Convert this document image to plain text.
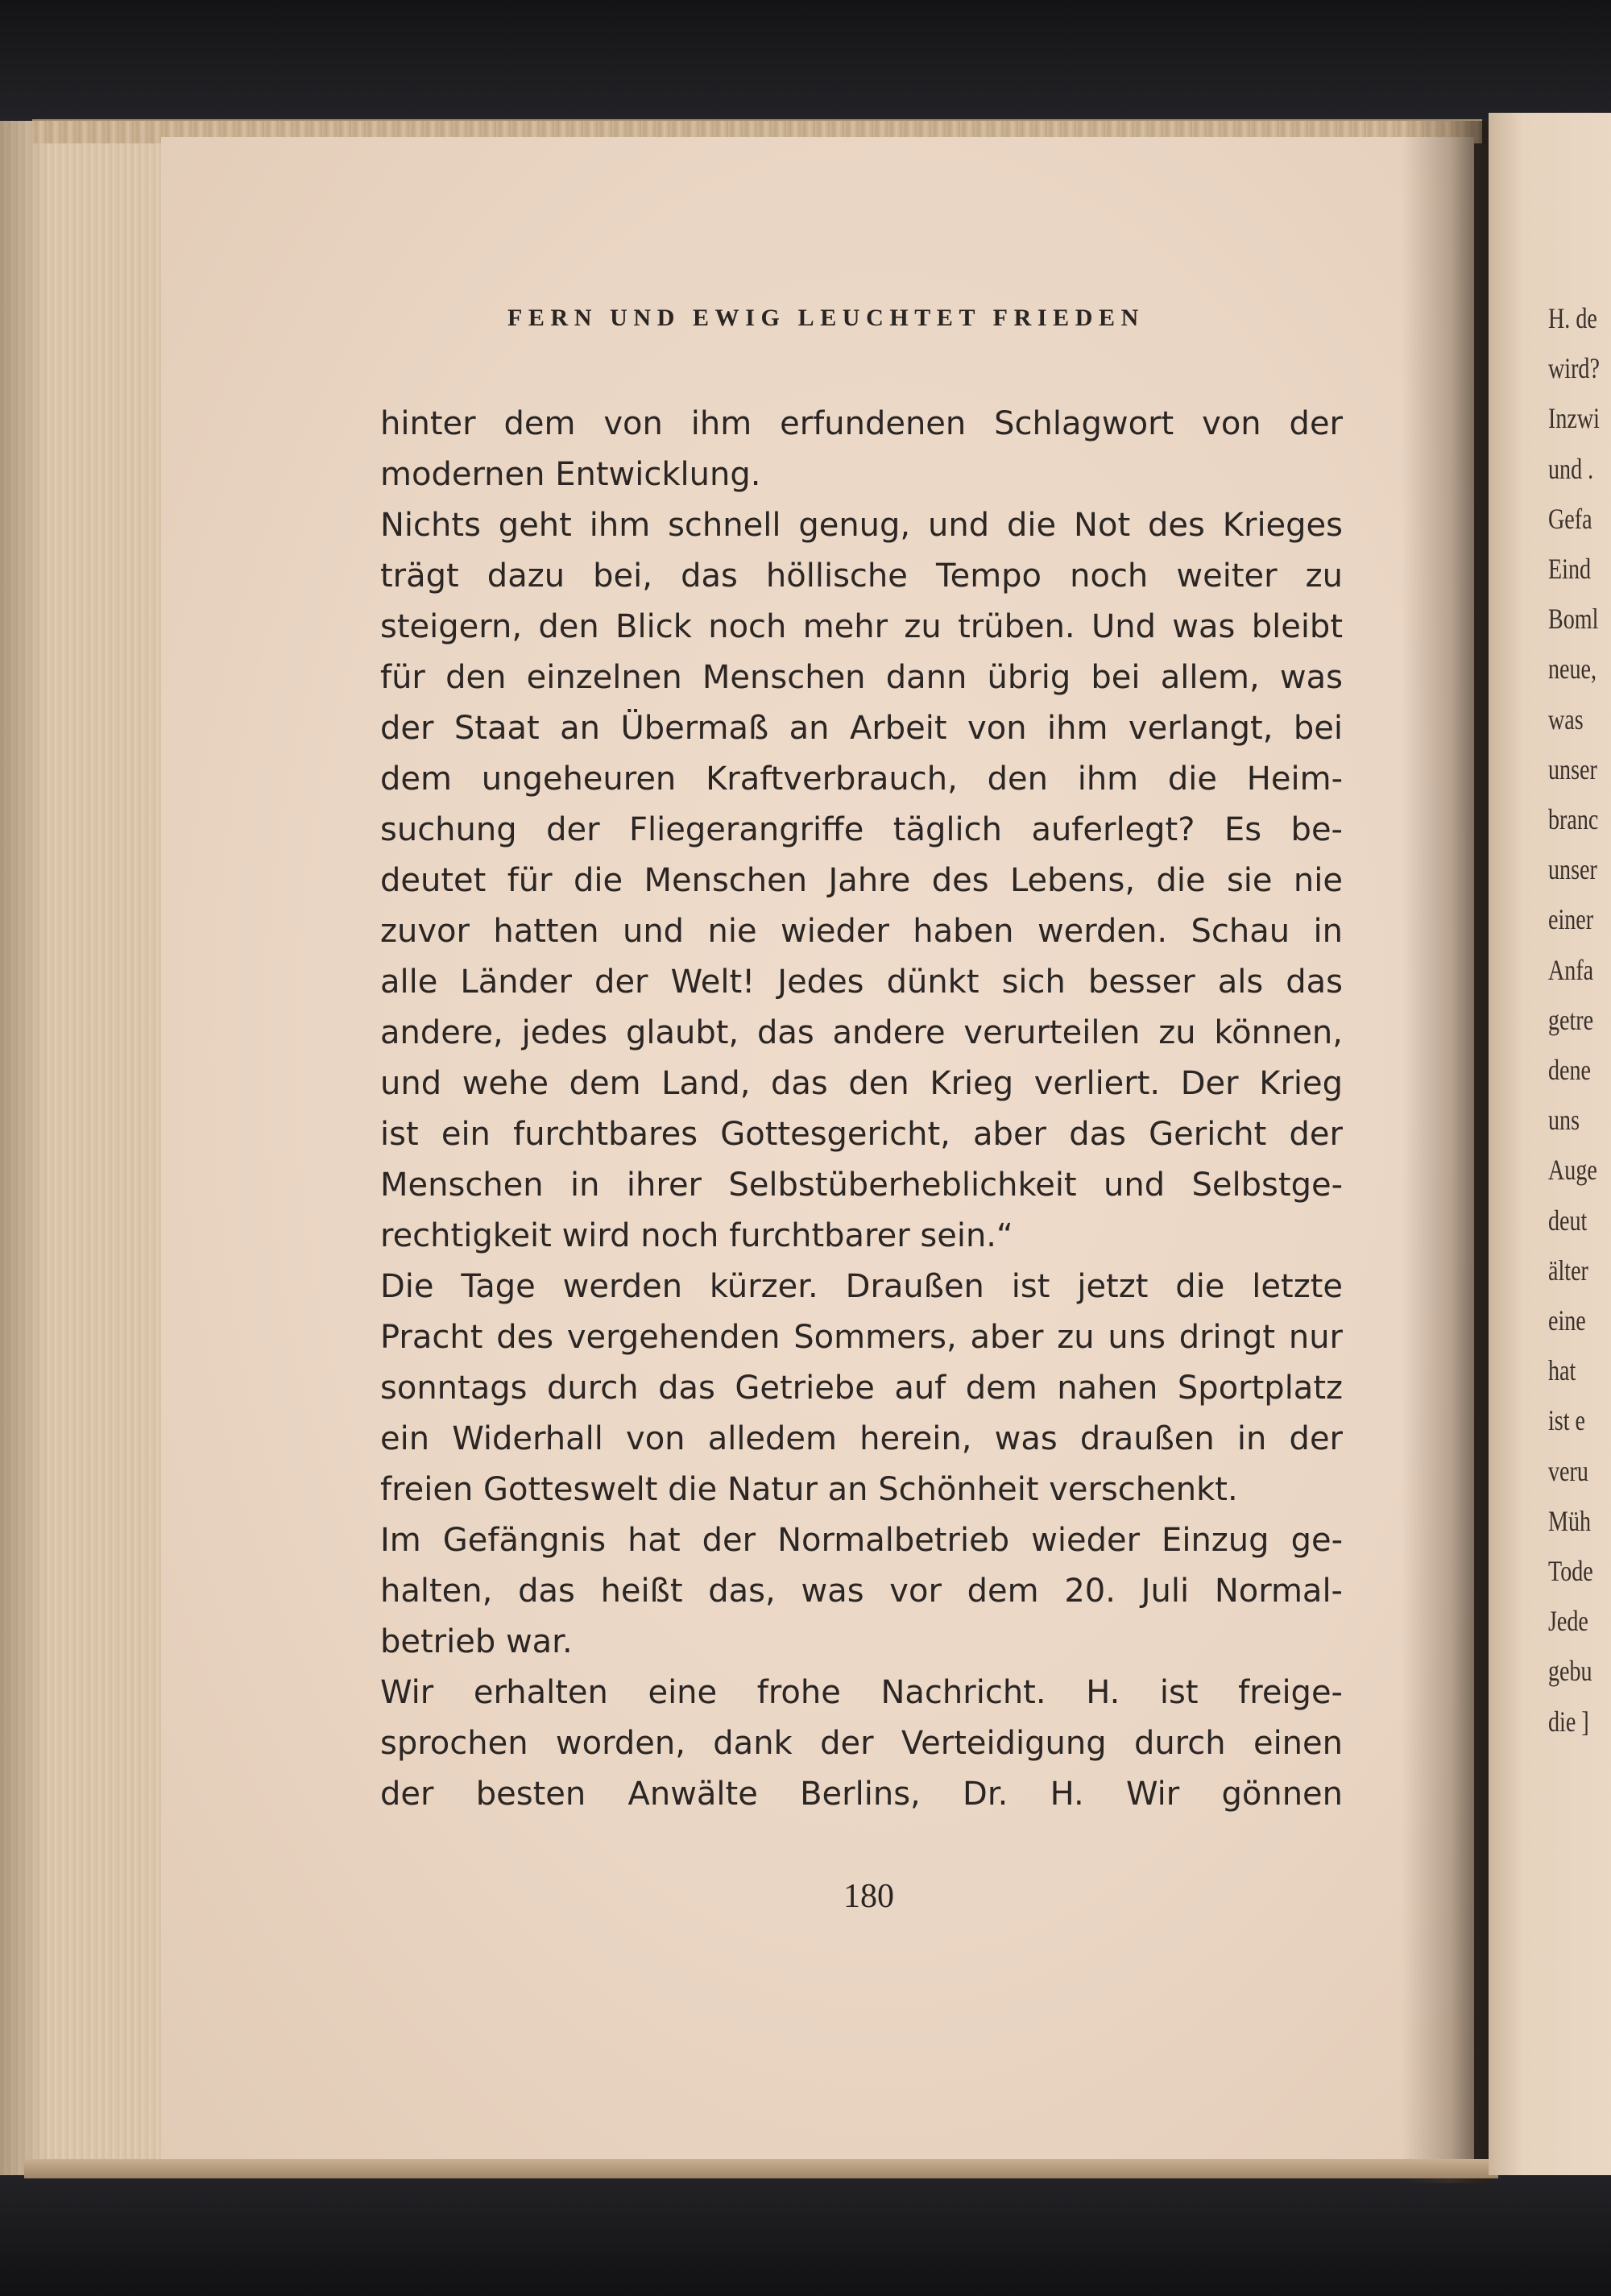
FERN UND EWIG LEUCHTET FRIEDEN
hinter dem von ihm erfundenen Schlagwort von der
modernen Entwicklung.
Nichts geht ihm schnell genug, und die Not des Krieges
trägt dazu bei, das höllische Tempo noch weiter zu
steigern, den Blick noch mehr zu trüben. Und was bleibt
für den einzelnen Menschen dann übrig bei allem, was
der Staat an Übermaß an Arbeit von ihm verlangt, bei
dem ungeheuren Kraftverbrauch, den ihm die Heim-
suchung der Fliegerangriffe täglich auferlegt? Es be-
deutet für die Menschen Jahre des Lebens, die sie nie
zuvor hatten und nie wieder haben werden. Schau in
alle Länder der Welt! Jedes dünkt sich besser als das
andere, jedes glaubt, das andere verurteilen zu können,
und wehe dem Land, das den Krieg verliert. Der Krieg
ist ein furchtbares Gottesgericht, aber das Gericht der
Menschen in ihrer Selbstüberheblichkeit und Selbstge-
rechtigkeit wird noch furchtbarer sein.“
Die Tage werden kürzer. Draußen ist jetzt die letzte
Pracht des vergehenden Sommers, aber zu uns dringt nur
sonntags durch das Getriebe auf dem nahen Sportplatz
ein Widerhall von alledem herein, was draußen in der
freien Gotteswelt die Natur an Schönheit verschenkt.
Im Gefängnis hat der Normalbetrieb wieder Einzug ge-
halten, das heißt das, was vor dem 20. Juli Normal-
betrieb war.
Wir erhalten eine frohe Nachricht. H. ist freige-
sprochen worden, dank der Verteidigung durch einen
der besten Anwälte Berlins, Dr. H. Wir gönnen
180
H. de
wird?
Inzwi
und .
Gefa
Eind
Boml
neue,
was
unser
branc
unser
einer
Anfa
getre
dene
uns
Auge
deut
älter
eine
hat
ist e
veru
Müh
Tode
Jede
gebu
die ]
